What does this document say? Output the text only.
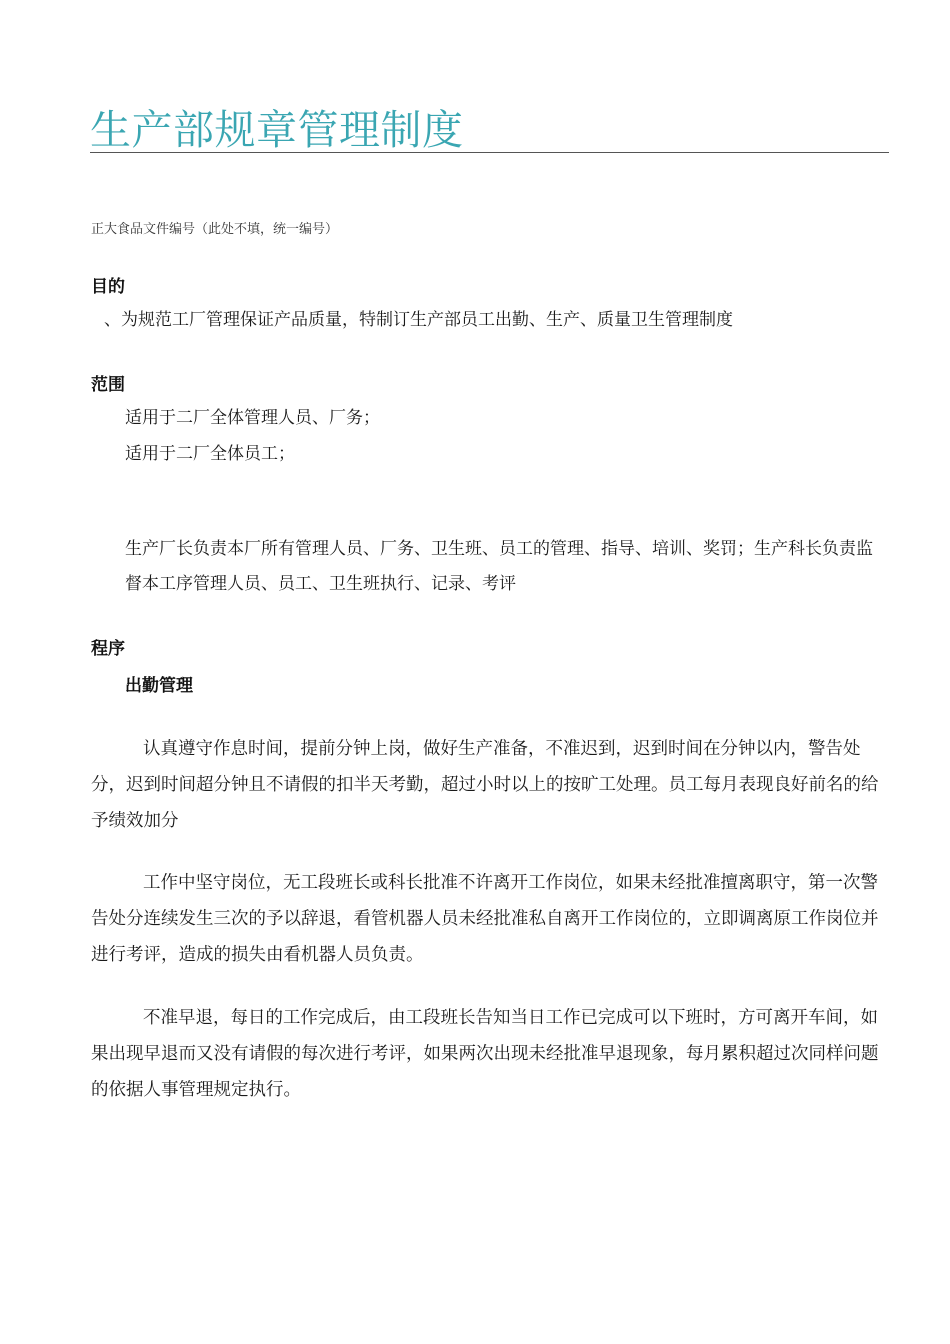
生产部规章管理制度
正大食品文件编号（此处不填，统一编号）
目的
、为规范工厂管理保证产品质量，特制订生产部员工出勤、生产、质量卫生管理制度
范围
适用于二厂全体管理人员、厂务；
适用于二厂全体员工；

生产厂长负责本厂所有管理人员、厂务、卫生班、员工的管理、指导、培训、奖罚；生产科长负责监督本工序管理人员、员工、卫生班执行、记录、考评

程序
出勤管理

认真遵守作息时间，提前分钟上岗，做好生产准备，不准迟到，迟到时间在分钟以内，警告处分，迟到时间超分钟且不请假的扣半天考勤，超过小时以上的按旷工处理。员工每月表现良好前名的给予绩效加分

工作中坚守岗位，无工段班长或科长批准不许离开工作岗位，如果未经批准擅离职守，第一次警告处分连续发生三次的予以辞退，看管机器人员未经批准私自离开工作岗位的，立即调离原工作岗位并进行考评，造成的损失由看机器人员负责。

不准早退，每日的工作完成后，由工段班长告知当日工作已完成可以下班时，方可离开车间，如果出现早退而又没有请假的每次进行考评，如果两次出现未经批准早退现象，每月累积超过次同样问题的依据人事管理规定执行。
